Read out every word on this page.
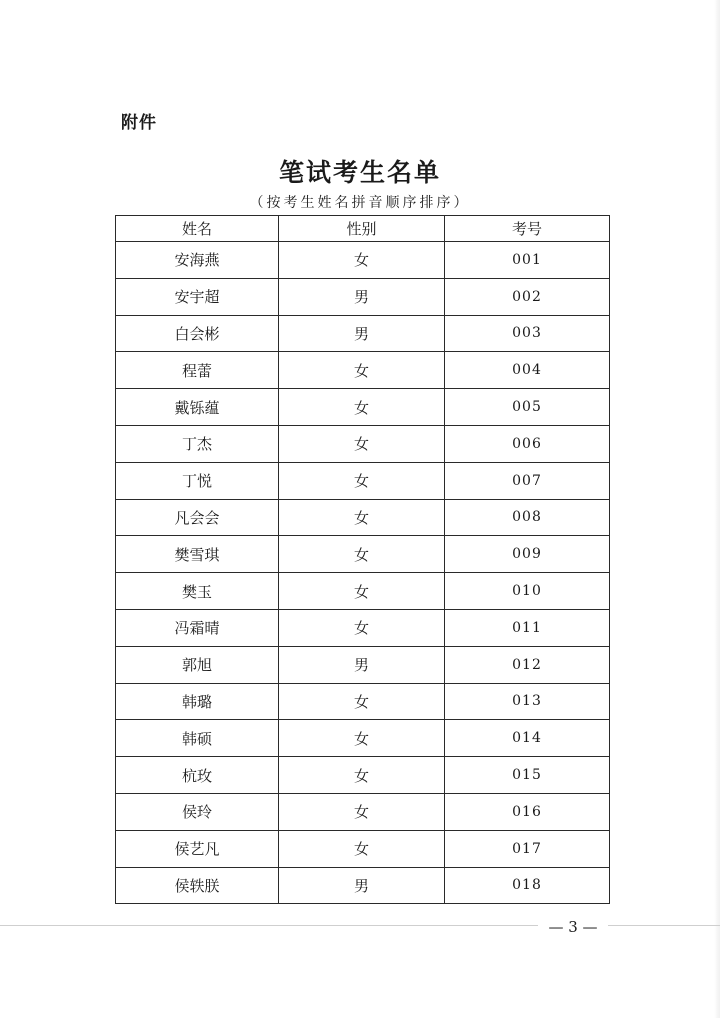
附件
笔试考生名单
（按考生姓名拼音顺序排序）
姓名	性别	考号
安海燕	女	001
安宇超	男	002
白会彬	男	003
程蕾	女	004
戴铄蕴	女	005
丁杰	女	006
丁悦	女	007
凡会会	女	008
樊雪琪	女	009
樊玉	女	010
冯霜晴	女	011
郭旭	男	012
韩璐	女	013
韩硕	女	014
杭玫	女	015
侯玲	女	016
侯艺凡	女	017
侯轶朕	男	018
— 3 —
